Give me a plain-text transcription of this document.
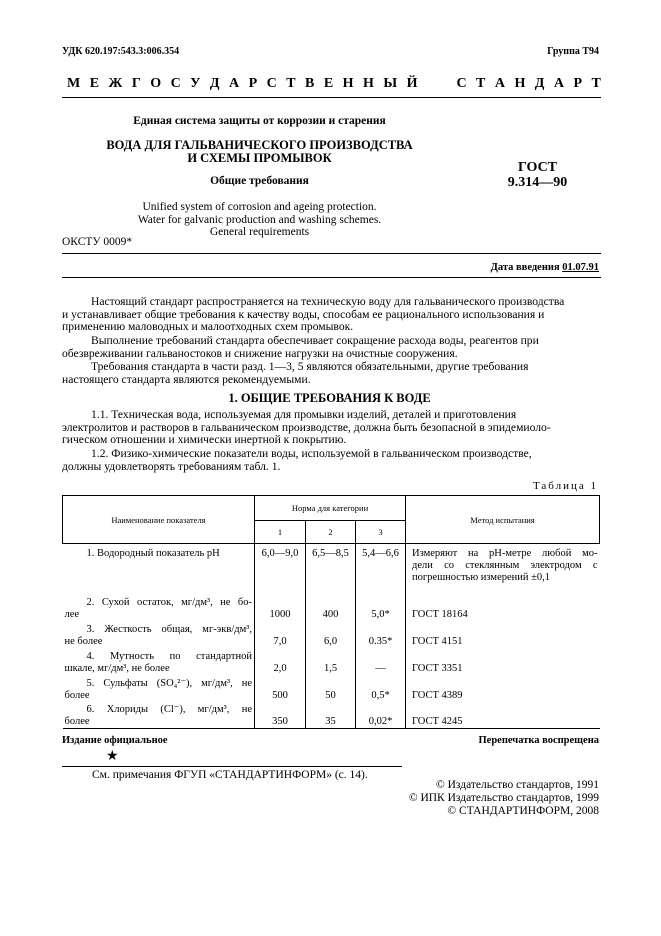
УДК 620.197:543.3:006.354	Группа Т94
М Е Ж Г О С У Д А Р С Т В Е Н Н Ы Й	С Т А Н Д А Р Т
Единая система защиты от коррозии и старения
ВОДА ДЛЯ ГАЛЬВАНИЧЕСКОГО ПРОИЗВОДСТВА
И СХЕМЫ ПРОМЫВОК
Общие требования
Unified system of corrosion and ageing protection.
Water for galvanic production and washing schemes.
General requirements
ГОСТ
9.314—90
ОКСТУ 0009*
Дата введения 01.07.91
Настоящий стандарт распространяется на техническую воду для гальванического производства
и устанавливает общие требования к качеству воды, способам ее рационального использования и
применению маловодных и малоотходных схем промывок.
Выполнение требований стандарта обеспечивает сокращение расхода воды, реагентов при
обезвреживании гальваностоков и снижение нагрузки на очистные сооружения.
Требования стандарта в части разд. 1—3, 5 являются обязательными, другие требования
настоящего стандарта являются рекомендуемыми.
1. ОБЩИЕ ТРЕБОВАНИЯ К ВОДЕ
1.1. Техническая вода, используемая для промывки изделий, деталей и приготовления
электролитов и растворов в гальваническом производстве, должна быть безопасной в эпидемиоло-
гическом отношении и химически инертной к покрытию.
1.2. Физико-химические показатели воды, используемой в гальваническом производстве,
должны удовлетворять требованиям табл. 1.
Таблица 1
Наименование показателя	Норма для категории			Метод испытания
	1	2	3	

1. Водородный показатель рН	6,0—9,0	6,5—8,5	5,4—6,6	Измеряют на рН-метре любой мо-
дели со стеклянным электродом с
погрешностью измерений ±0,1

2. Сухой остаток, мг/дм³, не бо-
лее	1000	400	5,0*	ГОСТ 18164

3. Жесткость общая, мг-экв/дм³,
не более	7,0	6,0	0.35*	ГОСТ 4151

4. Мутность по стандартной
шкале, мг/дм³, не более	2,0	1,5	—	ГОСТ 3351

5. Сульфаты (SO₄²⁻), мг/дм³, не
более	500	50	0,5*	ГОСТ 4389

6. Хлориды (Cl⁻), мг/дм³, не
более	350	35	0,02*	ГОСТ 4245
Издание официальное	Перепечатка воспрещена
★
См. примечания ФГУП «СТАНДАРТИНФОРМ» (с. 14).
© Издательство стандартов, 1991
© ИПК Издательство стандартов, 1999
© СТАНДАРТИНФОРМ, 2008
